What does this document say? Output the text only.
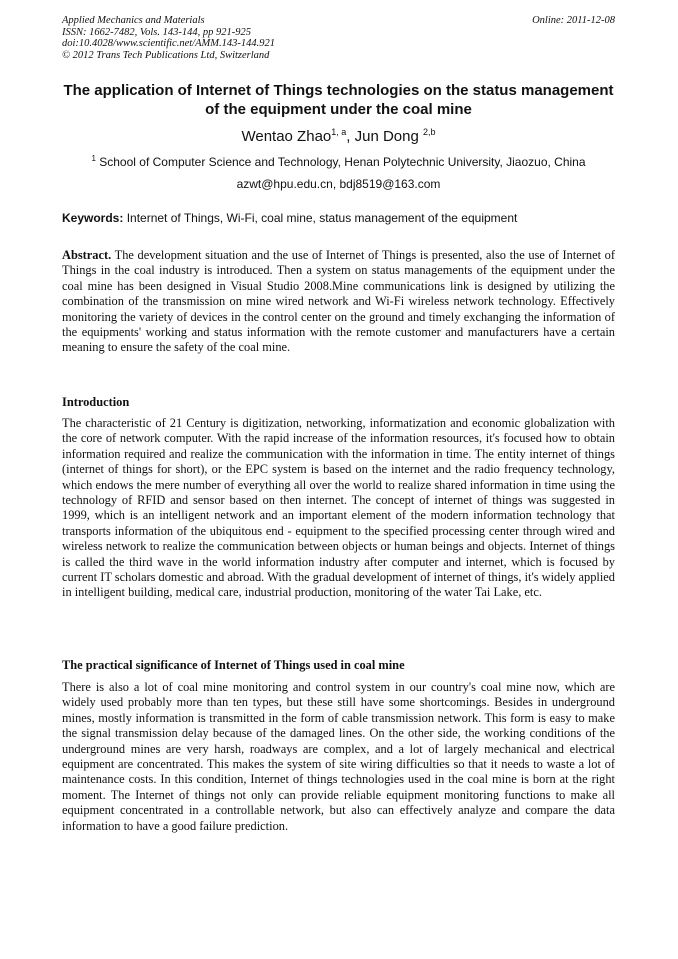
Applied Mechanics and Materials
ISSN: 1662-7482, Vols. 143-144, pp 921-925
doi:10.4028/www.scientific.net/AMM.143-144.921
© 2012 Trans Tech Publications Ltd, Switzerland
Online: 2011-12-08
The application of Internet of Things technologies on the status management of the equipment under the coal mine
Wentao Zhao$^{1, a}$, Jun Dong $^{2,b}$
$^1$ School of Computer Science and Technology, Henan Polytechnic University, Jiaozuo, China
azwt@hpu.edu.cn, bdj8519@163.com
Keywords: Internet of Things, Wi-Fi, coal mine, status management of the equipment

Abstract. The development situation and the use of Internet of Things is presented, also the use of Internet of Things in the coal industry is introduced. Then a system on status managements of the equipment under the coal mine has been designed in Visual Studio 2008.Mine communications link is designed by utilizing the combination of the transmission on mine wired network and Wi-Fi wireless network technology. Effectively monitoring the variety of devices in the control center on the ground and timely exchanging the information of the equipments' working and status information with the remote customer and manufacturers have a certain meaning to ensure the safety of the coal mine.

Introduction

The characteristic of 21 Century is digitization, networking, informatization and economic globalization with the core of network computer. With the rapid increase of the information resources, it's focused how to obtain information required and realize the communication with the information in time. The entity internet of things (internet of things for short), or the EPC system is based on the internet and the radio frequency technology, which endows the mere number of everything all over the world to realize shared information in time using the technology of RFID and sensor based on then internet. The concept of internet of things was suggested in 1999, which is an intelligent network and an important element of the modern information technology that transports information of the ubiquitous end - equipment to the specified processing center through wired and wireless network to realize the communication between objects or human beings and objects. Internet of things is called the third wave in the world information industry after computer and internet, which is focused by current IT scholars domestic and abroad. With the gradual development of internet of things, it's widely applied in intelligent building, medical care, industrial production, monitoring of the water Tai Lake, etc.

The practical significance of Internet of Things used in coal mine

There is also a lot of coal mine monitoring and control system in our country's coal mine now, which are widely used probably more than ten types, but these still have some shortcomings. Besides in underground mines, mostly information is transmitted in the form of cable transmission network. This form is easy to make the signal transmission delay because of the damaged lines. On the other side, the working conditions of the underground mines are very harsh, roadways are complex, and a lot of largely mechanical and electrical equipment are concentrated. This makes the system of site wiring difficulties so that it needs to waste a lot of maintenance costs. In this condition, Internet of things technologies used in the coal mine is born at the right moment. The Internet of things not only can provide reliable equipment monitoring functions to make all equipment concentrated in a controllable network, but also can effectively analyze and compare the data information to have a good failure prediction.
